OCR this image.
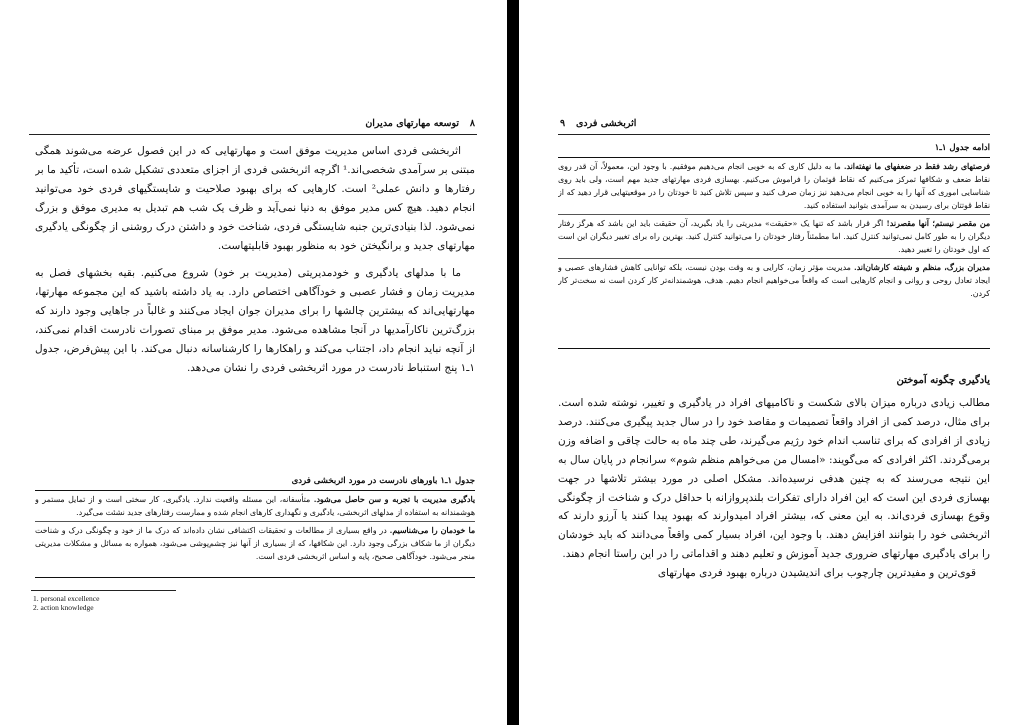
۸
توسعه مهارتهای مدیران

اثربخشی فردی اساس مدیریت موفق است و مهارتهایی که در این فصول عرضه می‌شوند همگی مبتنی بر سرآمدی شخصی‌اند.¹ اگرچه اثربخشی فردی از اجزای متعددی تشکیل شده است، تأکید ما بر رفتارها و دانش عملی² است. کارهایی که برای بهبود صلاحیت و شایستگیهای فردی خود می‌توانید انجام دهید. هیچ کس مدیر موفق به دنیا نمی‌آید و ظرف یک شب هم تبدیل به مدیری موفق و بزرگ نمی‌شود. لذا بنیادی‌ترین جنبه شایستگی فردی، شناخت خود و داشتن درک روشنی از چگونگی یادگیری مهارتهای جدید و برانگیختن خود به منظور بهبود قابلیتهاست.

ما با مدلهای یادگیری و خودمدیریتی (مدیریت بر خود) شروع می‌کنیم. بقیه بخشهای فصل به مدیریت زمان و فشار عصبی و خودآگاهی اختصاص دارد. به یاد داشته باشید که این مجموعه مهارتها، مهارتهایی‌اند که بیشترین چالشها را برای مدیران جوان ایجاد می‌کنند و غالباً در جاهایی وجود دارند که بزرگ‌ترین ناکارآمدیها در آنجا مشاهده می‌شود. مدیر موفق بر مبنای تصورات نادرست اقدام نمی‌کند، از آنچه نباید انجام داد، اجتناب می‌کند و راهکارها را کارشناسانه دنبال می‌کند. با این پیش‌فرض، جدول ۱ـ۱ پنج استنباط نادرست در مورد اثربخشی فردی را نشان می‌دهد.

جدول ۱ـ۱ باورهای نادرست در مورد اثربخشی فردی
یادگیری مدیریت با تجربه و سن حاصل می‌شود. متأسفانه، این مسئله واقعیت ندارد. یادگیری، کار سختی است و از تمایل مستمر و هوشمندانه به استفاده از مدلهای اثربخشی، یادگیری و نگهداری کارهای انجام شده و ممارست رفتارهای جدید نشئت می‌گیرد.
ما خودمان را می‌شناسیم. در واقع بسیاری از مطالعات و تحقیقات اکتشافی نشان داده‌اند که درک ما از خود و چگونگی درک و شناخت دیگران از ما شکاف بزرگی وجود دارد. این شکافها، که از بسیاری از آنها نیز چشم‌پوشی می‌شود، همواره به مسائل و مشکلات مدیریتی منجر می‌شود. خودآگاهی صحیح، پایه و اساس اثربخشی فردی است.
1. personal excellence
2. action knowledge
۹ اثربخشی فردی
ادامه جدول ۱ـ۱
فرصتهای رشد فقط در ضعفهای ما نهفته‌اند. ما به دلیل کاری که به خوبی انجام می‌دهیم موفقیم. با وجود این، معمولاً، آن قدر روی نقاط ضعف و شکافها تمرکز می‌کنیم که نقاط قوتمان را فراموش می‌کنیم. بهسازی فردی مهارتهای جدید مهم است، ولی باید روی شناسایی اموری که آنها را به خوبی انجام می‌دهید نیز زمان صرف کنید و سپس تلاش کنید تا خودتان را در موقعیتهایی قرار دهید که از نقاط قوتتان برای رسیدن به سرآمدی بتوانید استفاده کنید.
من مقصر نیستم؛ آنها مقصرند! اگر قرار باشد که تنها یک «حقیقت» مدیریتی را یاد بگیرید، آن حقیقت باید این باشد که هرگز رفتار دیگران را به طور کامل نمی‌توانید کنترل کنید. اما مطمئناً رفتار خودتان را می‌توانید کنترل کنید. بهترین راه برای تغییر دیگران این است که اول خودتان را تغییر دهید.
مدیران بزرگ، منظم و شیفته کارشان‌اند. مدیریت مؤثر زمان، کارایی و به وقت بودن نیست، بلکه توانایی کاهش فشارهای عصبی و ایجاد تعادل روحی و روانی و انجام کارهایی است که واقعاً می‌خواهیم انجام دهیم. هدف، هوشمندانه‌تر کار کردن است نه سخت‌تر کار کردن.
یادگیری چگونه آموختن

مطالب زیادی درباره میزان بالای شکست و ناکامیهای افراد در یادگیری و تغییر، نوشته شده است. برای مثال، درصد کمی از افراد واقعاً تصمیمات و مقاصد خود را در سال جدید پیگیری می‌کنند. درصد زیادی از افرادی که برای تناسب اندام خود رژیم می‌گیرند، طی چند ماه به حالت چاقی و اضافه وزن برمی‌گردند. اکثر افرادی که می‌گویند: «امسال من می‌خواهم منظم شوم» سرانجام در پایان سال به این نتیجه می‌رسند که به چنین هدفی نرسیده‌اند. مشکل اصلی در مورد بیشتر تلاشها در جهت بهسازی فردی این است که این افراد دارای تفکرات بلندپروازانه با حداقل درک و شناخت از چگونگی وقوع بهسازی فردی‌اند. به این معنی که، بیشتر افراد امیدوارند که بهبود پیدا کنند یا آرزو دارند که اثربخشی خود را بتوانند افزایش دهند. با وجود این، افراد بسیار کمی واقعاً می‌دانند که باید خودشان را برای یادگیری مهارتهای ضروری جدید آموزش و تعلیم دهند و اقداماتی را در این راستا انجام دهند.

قوی‌ترین و مفیدترین چارچوب برای اندیشیدن درباره بهبود فردی مهارتهای
